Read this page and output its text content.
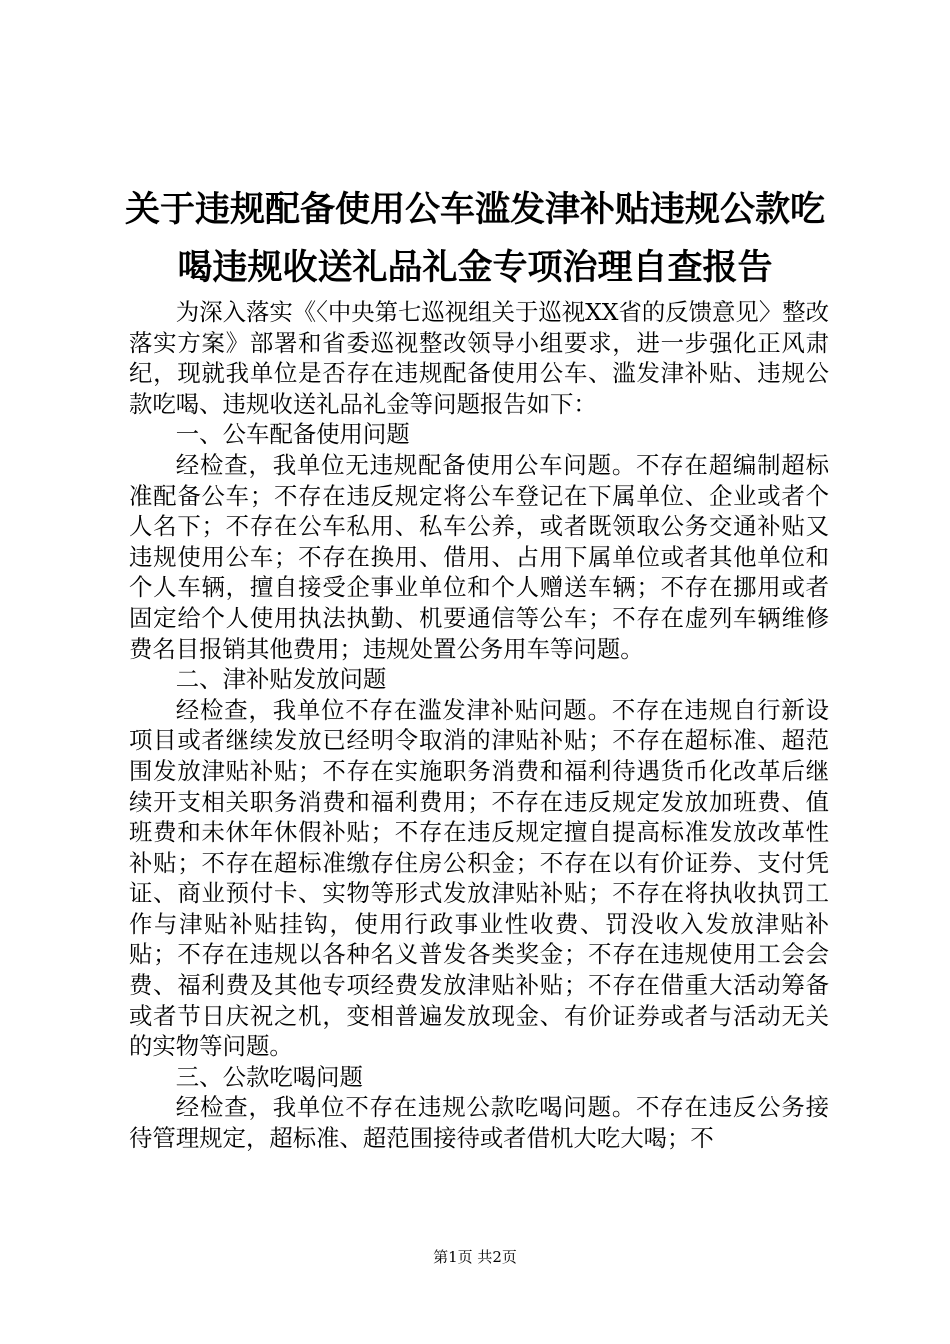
关于违规配备使用公车滥发津补贴违规公款吃
喝违规收送礼品礼金专项治理自查报告

为深入落实《〈中央第七巡视组关于巡视XX省的反馈意见〉整改落实方案》部署和省委巡视整改领导小组要求，进一步强化正风肃纪，现就我单位是否存在违规配备使用公车、滥发津补贴、违规公款吃喝、违规收送礼品礼金等问题报告如下：

一、公车配备使用问题

经检查，我单位无违规配备使用公车问题。不存在超编制超标准配备公车；不存在违反规定将公车登记在下属单位、企业或者个人名下；不存在公车私用、私车公养，或者既领取公务交通补贴又违规使用公车；不存在换用、借用、占用下属单位或者其他单位和个人车辆，擅自接受企事业单位和个人赠送车辆；不存在挪用或者固定给个人使用执法执勤、机要通信等公车；不存在虚列车辆维修费名目报销其他费用；违规处置公务用车等问题。

二、津补贴发放问题

经检查，我单位不存在滥发津补贴问题。不存在违规自行新设项目或者继续发放已经明令取消的津贴补贴；不存在超标准、超范围发放津贴补贴；不存在实施职务消费和福利待遇货币化改革后继续开支相关职务消费和福利费用；不存在违反规定发放加班费、值班费和未休年休假补贴；不存在违反规定擅自提高标准发放改革性补贴；不存在超标准缴存住房公积金；不存在以有价证券、支付凭证、商业预付卡、实物等形式发放津贴补贴；不存在将执收执罚工作与津贴补贴挂钩，使用行政事业性收费、罚没收入发放津贴补贴；不存在违规以各种名义普发各类奖金；不存在违规使用工会会费、福利费及其他专项经费发放津贴补贴；不存在借重大活动筹备或者节日庆祝之机，变相普遍发放现金、有价证券或者与活动无关的实物等问题。

三、公款吃喝问题

经检查，我单位不存在违规公款吃喝问题。不存在违反公务接待管理规定，超标准、超范围接待或者借机大吃大喝；不

第1页 共2页
